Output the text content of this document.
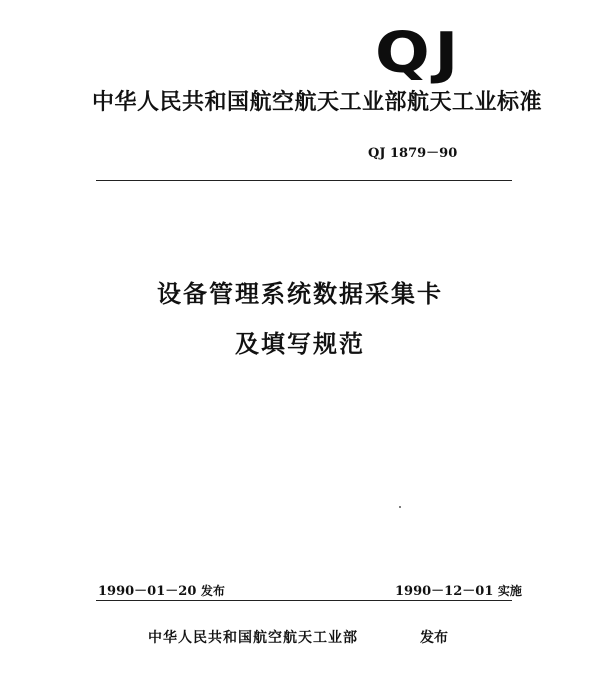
QJ
中华人民共和国航空航天工业部航天工业标准
QJ 1879－90
设备管理系统数据采集卡
及填写规范
1990－01－20 发布	1990－12－01 实施
中华人民共和国航空航天工业部	发布
